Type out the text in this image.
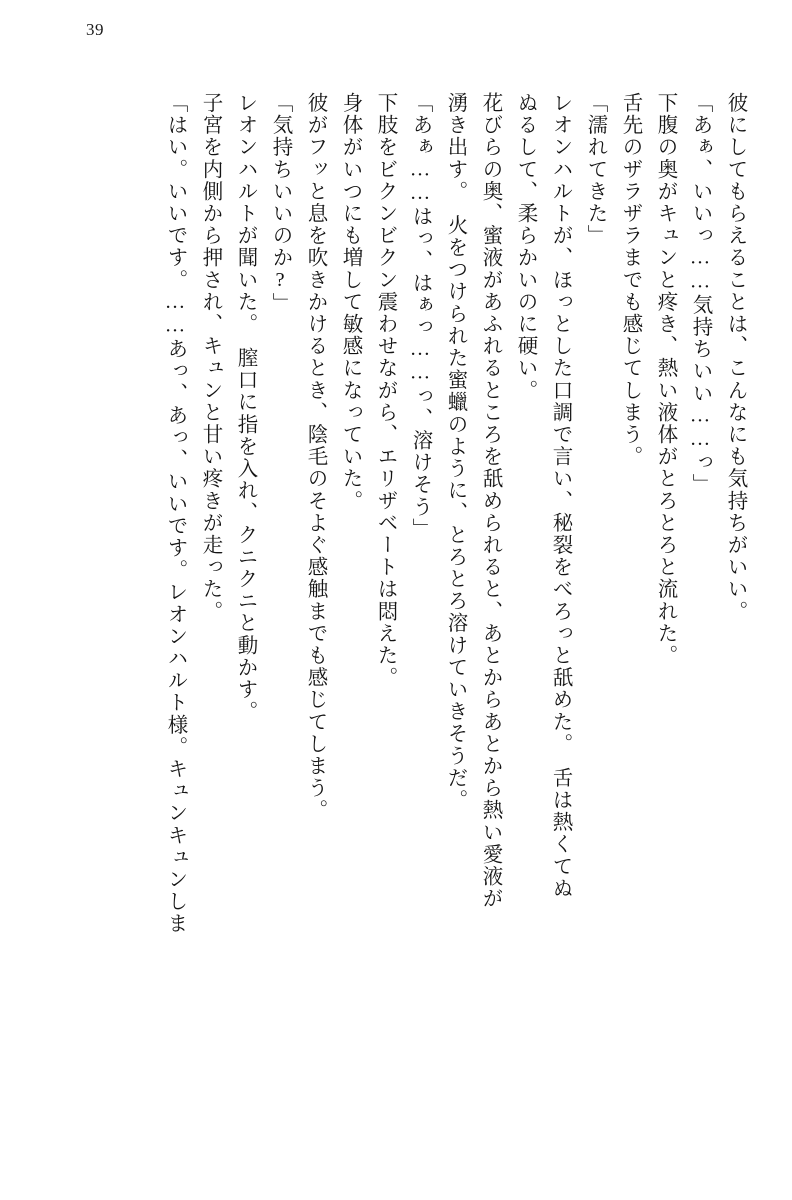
39
彼にしてもらえることは、こんなにも気持ちがいい。
「あぁ、いいっ……気持ちいい……っ」
下腹の奥がキュンと疼き、熱い液体がとろとろと流れた。
舌先のザラザラまでも感じてしまう。
「濡れてきた」
レオンハルトが、ほっとした口調で言い、秘裂をべろっと舐めた。　舌は熱くてぬ
ぬるして、柔らかいのに硬い。
花びらの奥、蜜液があふれるところを舐められると、あとからあとから熱い愛液が
湧き出す。　火をつけられた蜜蠟のように、とろとろ溶けていきそうだ。
「あぁ……はっ、はぁっ……っ、溶けそう」
下肢をビクンビクン震わせながら、エリザベートは悶えた。
身体がいつにも増して敏感になっていた。
彼がフッと息を吹きかけるとき、陰毛のそよぐ感触までも感じてしまう。
「気持ちいいのか?」
レオンハルトが聞いた。　膣口に指を入れ、クニクニと動かす。
子宮を内側から押され、キュンと甘い疼きが走った。
「はい。いいです。……あっ、あっ、いいです。レオンハルト様。キュンキュンしま
